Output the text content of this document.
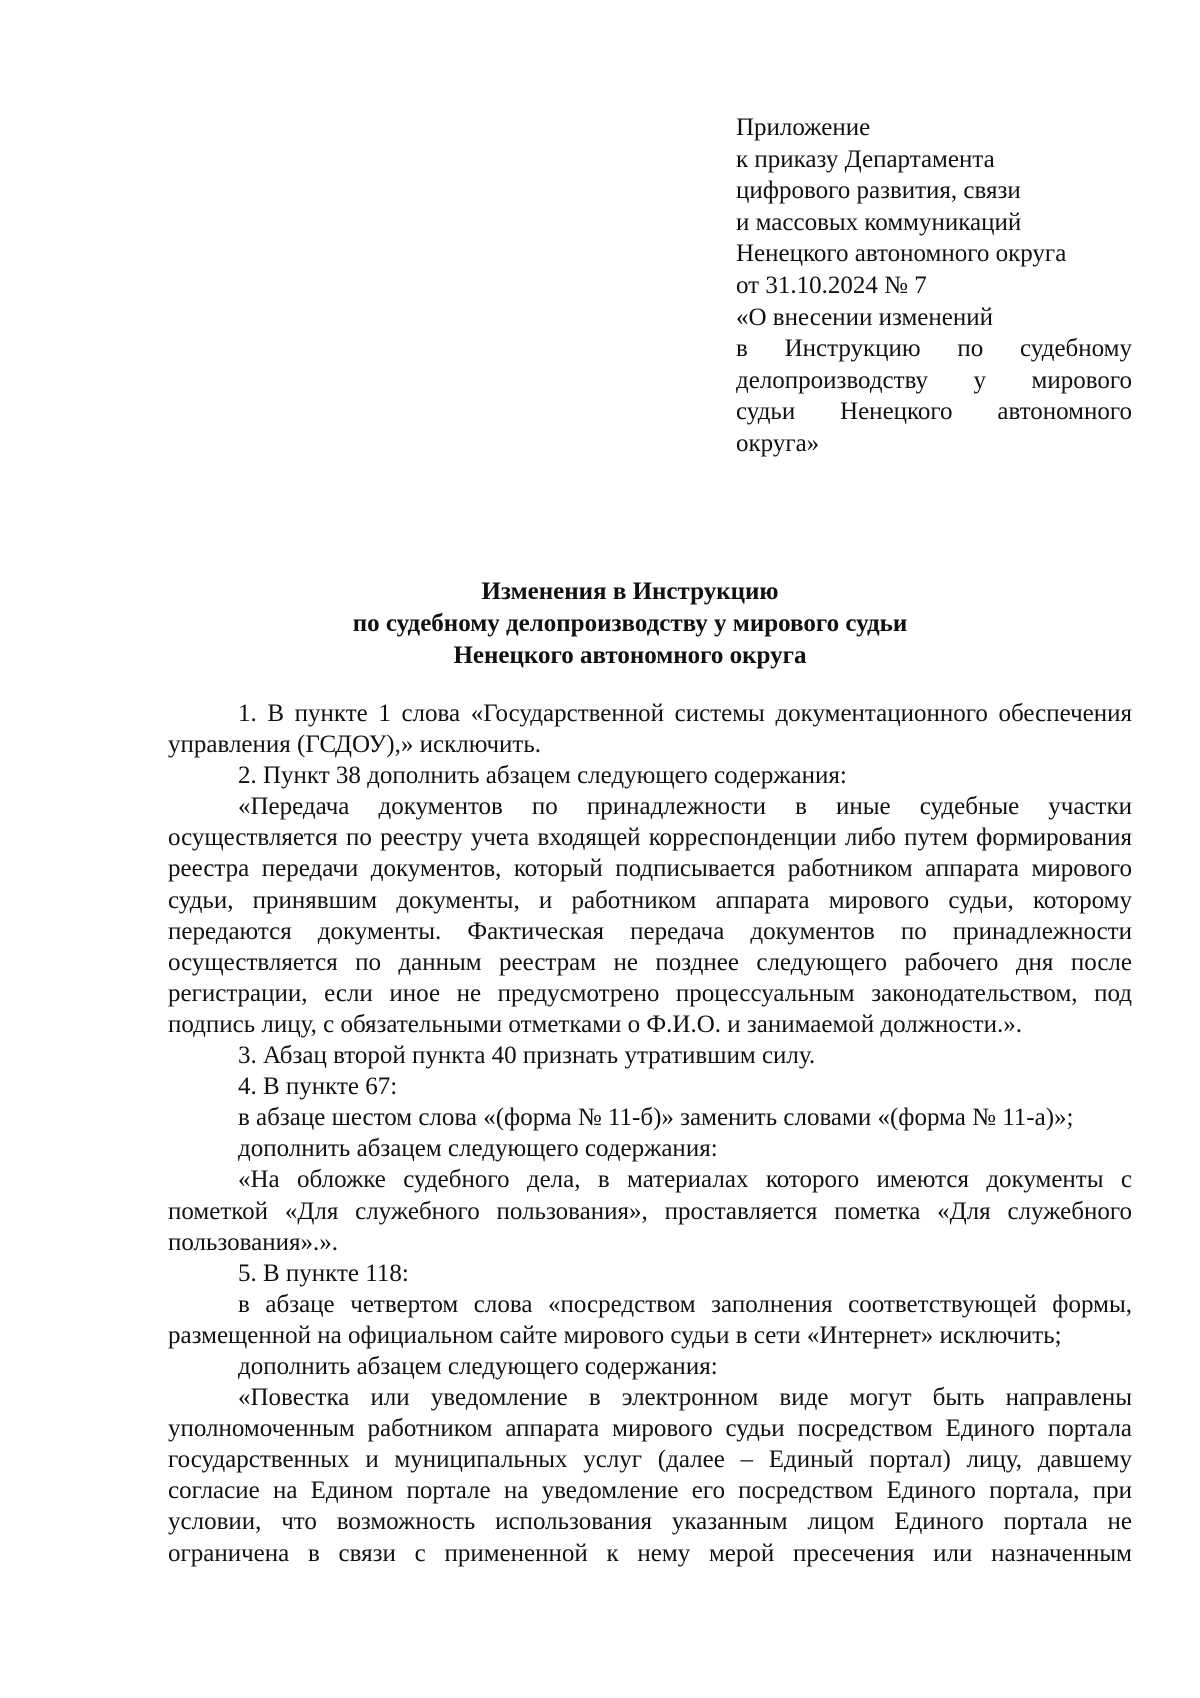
Приложение
к приказу Департамента
цифрового развития, связи
и массовых коммуникаций
Ненецкого автономного округа
от 31.10.2024 № 7
«О внесении изменений
в Инструкцию по судебному
делопроизводству у мирового
судьи Ненецкого автономного
округа»
Изменения в Инструкцию
по судебному делопроизводству у мирового судьи
Ненецкого автономного округа

1. В пункте 1 слова «Государственной системы документационного обеспечения управления (ГСДОУ),» исключить.

2. Пункт 38 дополнить абзацем следующего содержания:

«Передача документов по принадлежности в иные судебные участки осуществляется по реестру учета входящей корреспонденции либо путем формирования реестра передачи документов, который подписывается работником аппарата мирового судьи, принявшим документы, и работником аппарата мирового судьи, которому передаются документы. Фактическая передача документов по принадлежности осуществляется по данным реестрам не позднее следующего рабочего дня после регистрации, если иное не предусмотрено процессуальным законодательством, под подпись лицу, с обязательными отметками о Ф.И.О. и занимаемой должности.».

3. Абзац второй пункта 40 признать утратившим силу.

4. В пункте 67:

в абзаце шестом слова «(форма № 11-б)» заменить словами «(форма № 11-а)»;

дополнить абзацем следующего содержания:

«На обложке судебного дела, в материалах которого имеются документы с пометкой «Для служебного пользования», проставляется пометка «Для служебного пользования».».

5. В пункте 118:

в абзаце четвертом слова «посредством заполнения соответствующей формы, размещенной на официальном сайте мирового судьи в сети «Интернет» исключить;

дополнить абзацем следующего содержания:

«Повестка или уведомление в электронном виде могут быть направлены уполномоченным работником аппарата мирового судьи посредством Единого портала государственных и муниципальных услуг (далее – Единый портал) лицу, давшему согласие на Едином портале на уведомление его посредством Единого портала, при условии, что возможность использования указанным лицом Единого портала не ограничена в связи с примененной к нему мерой пресечения или назначенным
